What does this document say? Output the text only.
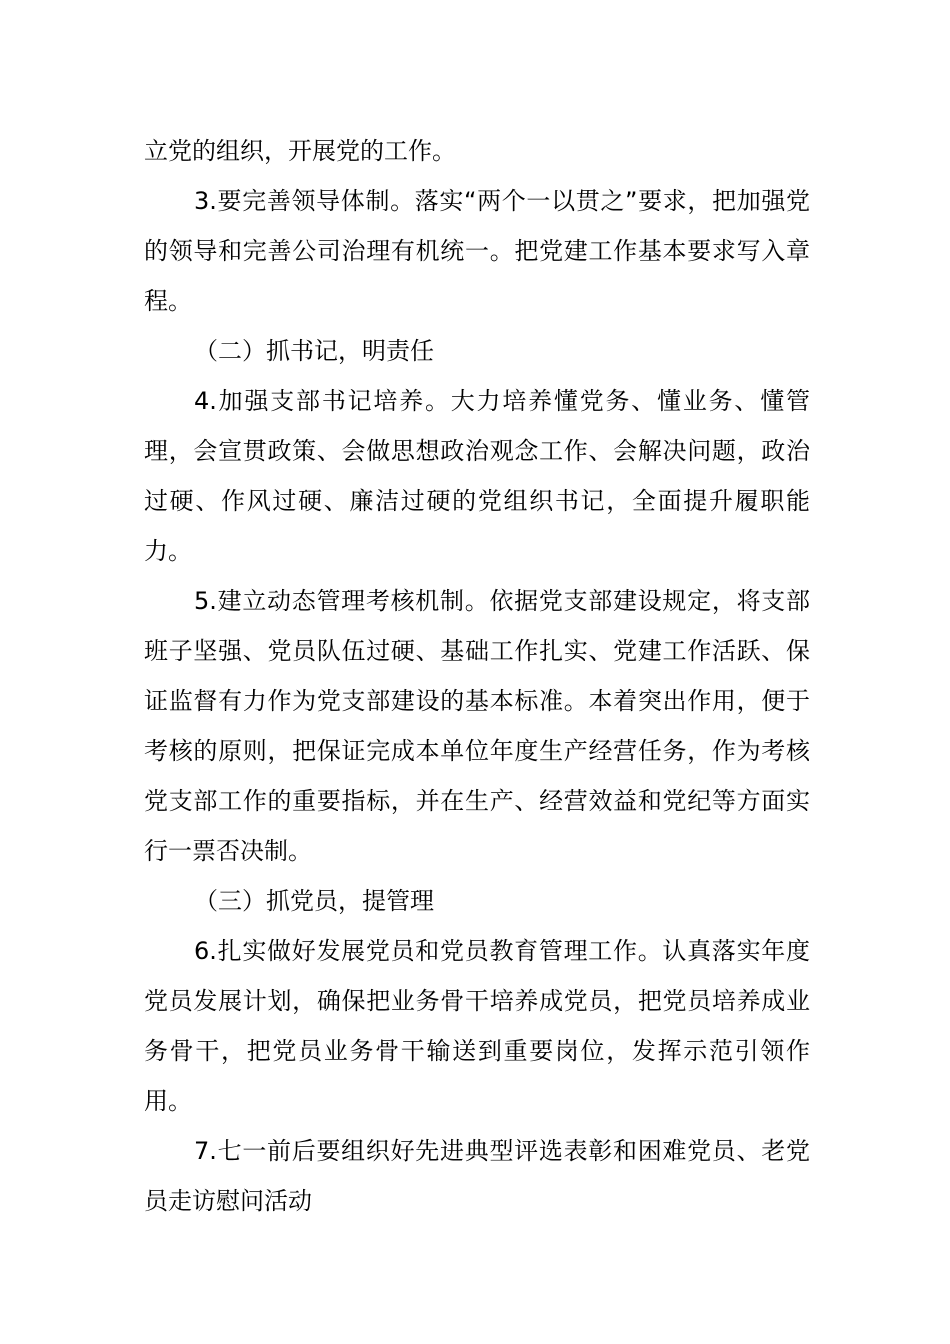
立党的组织，开展党的工作。

3.要完善领导体制。落实“两个一以贯之”要求，把加强党的领导和完善公司治理有机统一。把党建工作基本要求写入章程。

（二）抓书记，明责任

4.加强支部书记培养。大力培养懂党务、懂业务、懂管理，会宣贯政策、会做思想政治观念工作、会解决问题，政治过硬、作风过硬、廉洁过硬的党组织书记，全面提升履职能力。

5.建立动态管理考核机制。依据党支部建设规定，将支部班子坚强、党员队伍过硬、基础工作扎实、党建工作活跃、保证监督有力作为党支部建设的基本标准。本着突出作用，便于考核的原则，把保证完成本单位年度生产经营任务，作为考核党支部工作的重要指标，并在生产、经营效益和党纪等方面实行一票否决制。

（三）抓党员，提管理

6.扎实做好发展党员和党员教育管理工作。认真落实年度党员发展计划，确保把业务骨干培养成党员，把党员培养成业务骨干，把党员业务骨干输送到重要岗位，发挥示范引领作用。

7.七一前后要组织好先进典型评选表彰和困难党员、老党员走访慰问活动
